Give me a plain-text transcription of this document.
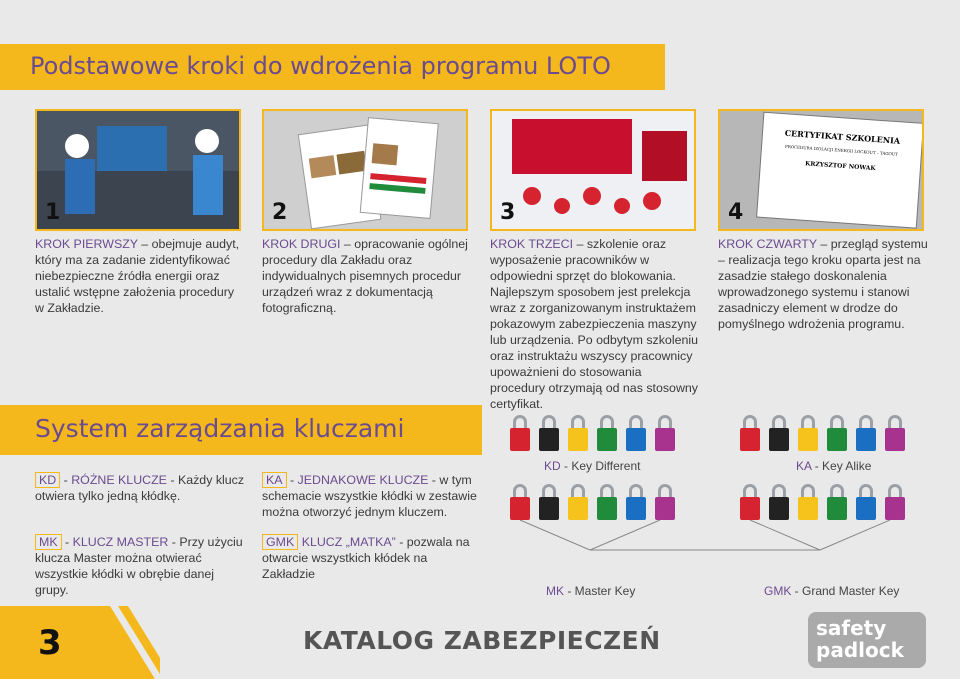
Podstawowe kroki do wdrożenia programu LOTO
1	2	3
CERTYFIKAT SZKOLENIA
PROCEDURA IZOLACJI ENERGII LOCKOUT – TAGOUT
KRZYSZTOF NOWAK
4
KROK PIERWSZY – obejmuje audyt, który ma za zadanie zidentyfikować niebezpieczne źródła energii oraz ustalić wstępne założenia procedury w Zakładzie.
KROK DRUGI – opracowanie ogólnej procedury dla Zakładu oraz indywidualnych pisemnych procedur urządzeń wraz z dokumentacją fotograficzną.
KROK TRZECI – szkolenie oraz wyposażenie pracowników w odpowiedni sprzęt do blokowania. Najlepszym sposobem jest prelekcja wraz z zorganizowanym instruktażem pokazowym zabezpieczenia maszyny lub urządzenia. Po odbytym szkoleniu oraz instruktażu wszyscy pracownicy upoważnieni do stosowania procedury otrzymają od nas stosowny certyfikat.
KROK CZWARTY – przegląd systemu – realizacja tego kroku oparta jest na zasadzie stałego doskonalenia wprowadzonego systemu i stanowi zasadniczy element w drodze do pomyślnego wdrożenia programu.
System zarządzania kluczami
KD - RÓŻNE KLUCZE - Każdy klucz otwiera tylko jedną kłódkę.
KA - JEDNAKOWE KLUCZE - w tym schemacie wszystkie kłódki w zestawie można otworzyć jednym kluczem.
MK - KLUCZ MASTER - Przy użyciu klucza Master można otwierać wszystkie kłódki w obrębie danej grupy.
GMK KLUCZ „MATKA” - pozwala na otwarcie wszystkich kłódek na Zakładzie
KD - Key Different	KA - Key Alike
MK - Master Key	GMK - Grand Master Key
3	KATALOG ZABEZPIECZEŃ	safety
padlock
